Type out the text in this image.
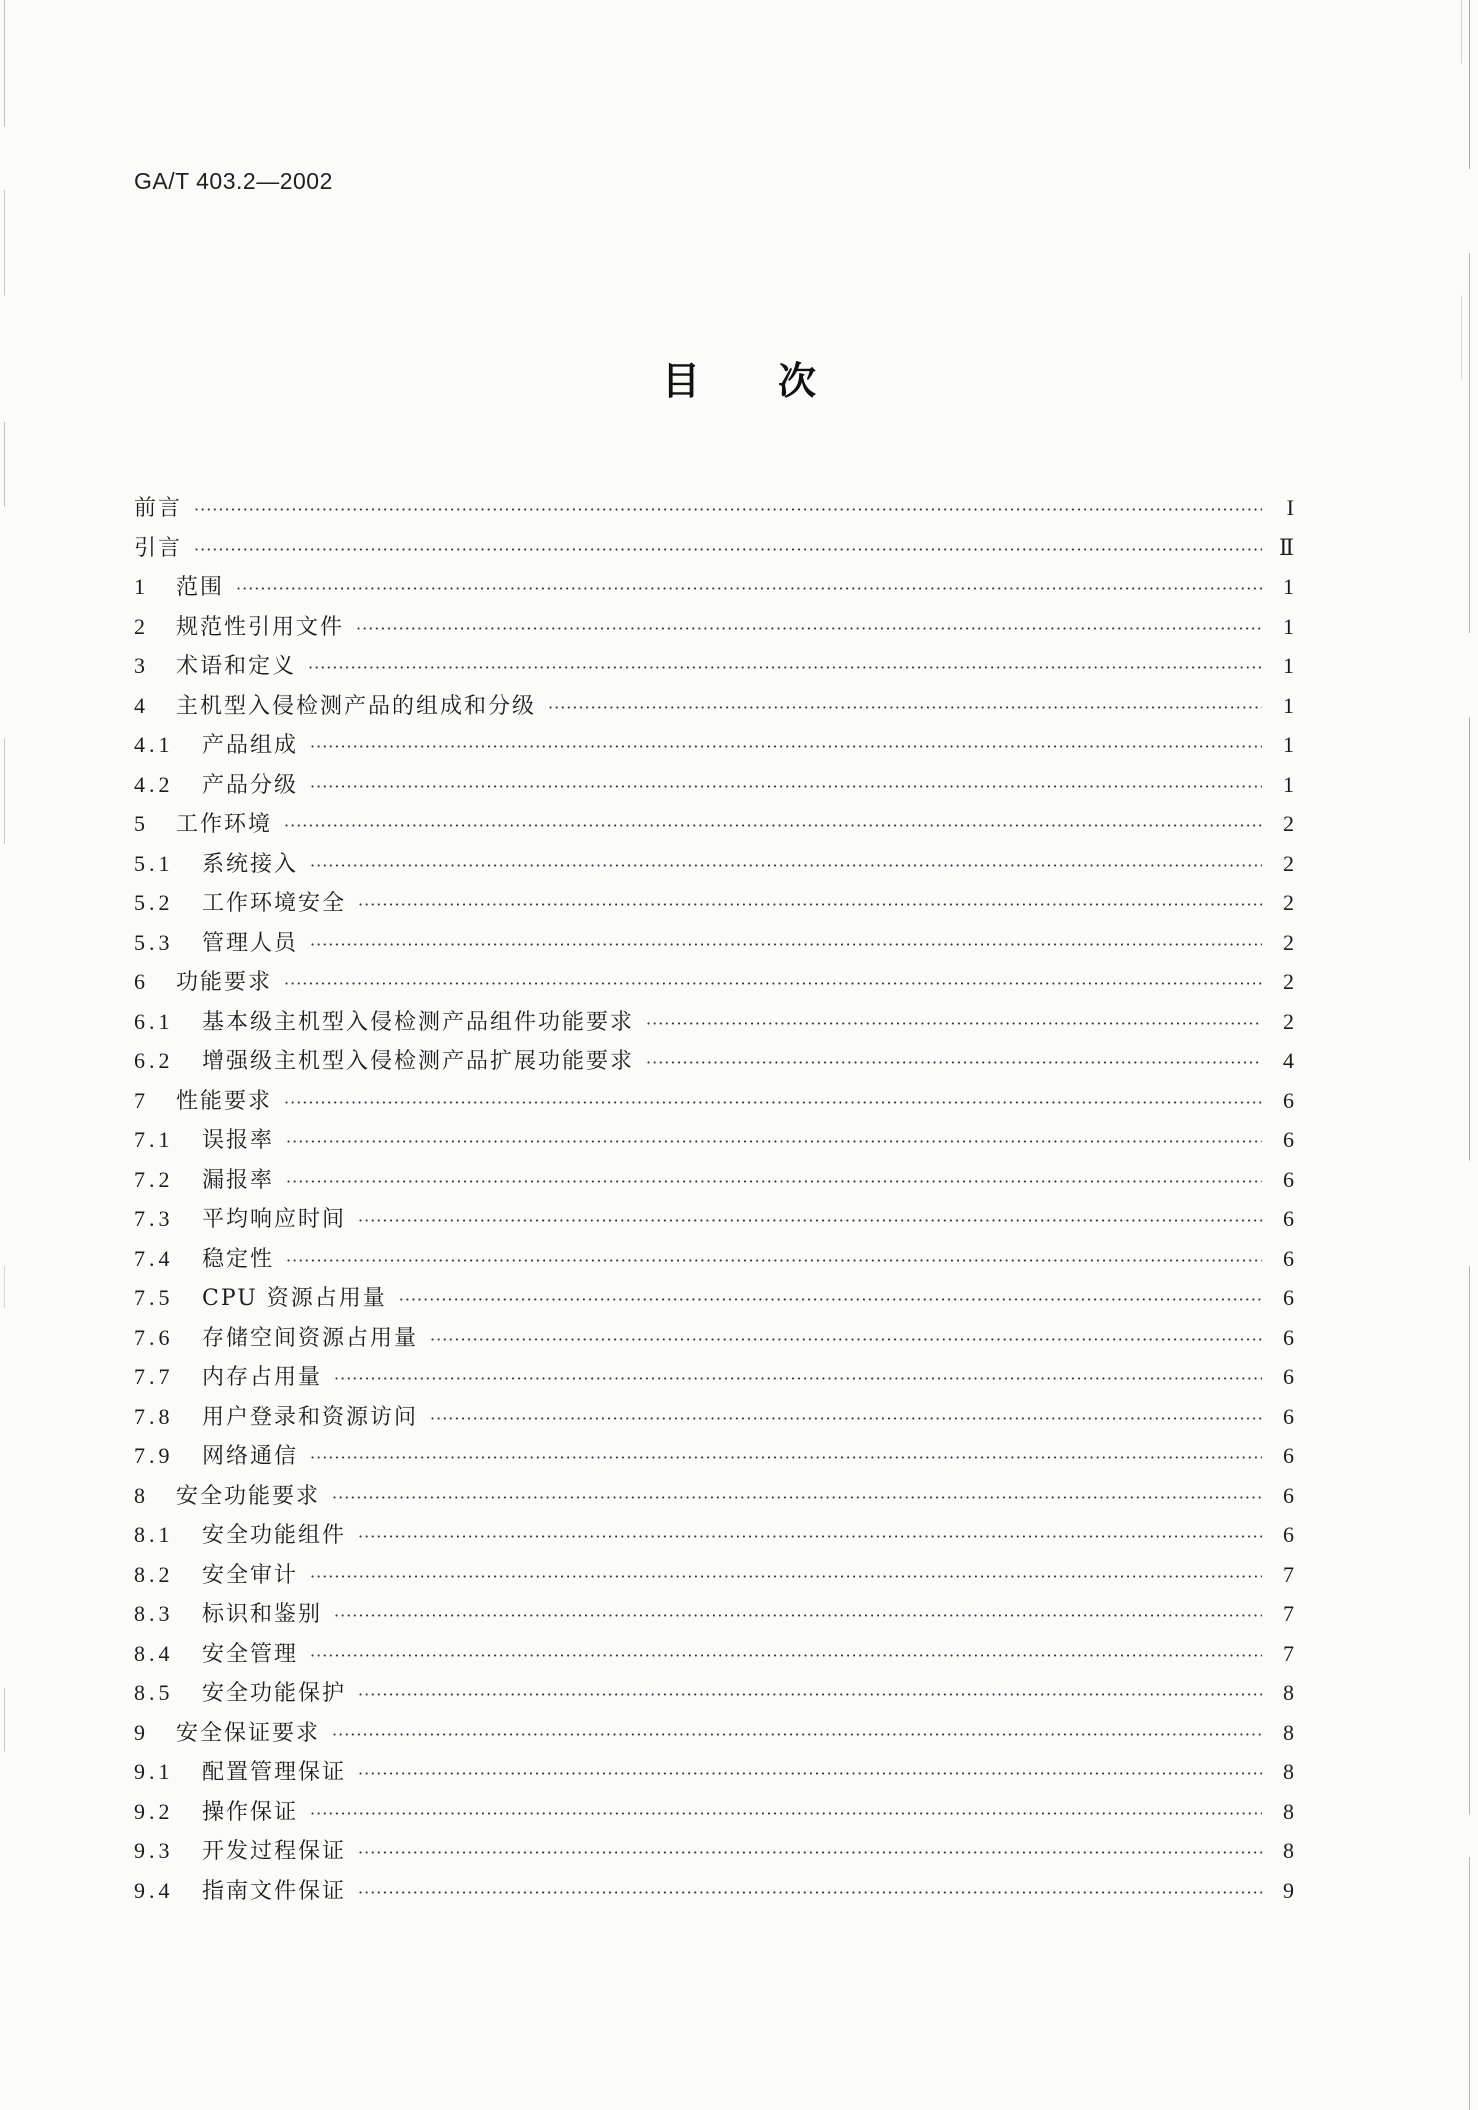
GA/T 403.2—2002
目次
前言 ·····	I
引言 ·····	Ⅱ
1	范围 ·····	1
2	规范性引用文件 ·····	1
3	术语和定义 ·····	1
4	主机型入侵检测产品的组成和分级 ·····	1
4.1	产品组成 ·····	1
4.2	产品分级 ·····	1
5	工作环境 ·····	2
5.1	系统接入 ·····	2
5.2	工作环境安全 ·····	2
5.3	管理人员 ·····	2
6	功能要求 ·····	2
6.1	基本级主机型入侵检测产品组件功能要求 ·····	2
6.2	增强级主机型入侵检测产品扩展功能要求 ·····	4
7	性能要求 ·····	6
7.1	误报率 ·····	6
7.2	漏报率 ·····	6
7.3	平均响应时间 ·····	6
7.4	稳定性 ·····	6
7.5	CPU 资源占用量 ·····	6
7.6	存储空间资源占用量 ·····	6
7.7	内存占用量 ·····	6
7.8	用户登录和资源访问 ·····	6
7.9	网络通信 ·····	6
8	安全功能要求 ·····	6
8.1	安全功能组件 ·····	6
8.2	安全审计 ·····	7
8.3	标识和鉴别 ·····	7
8.4	安全管理 ·····	7
8.5	安全功能保护 ·····	8
9	安全保证要求 ·····	8
9.1	配置管理保证 ·····	8
9.2	操作保证 ·····	8
9.3	开发过程保证 ·····	8
9.4	指南文件保证 ·····	9
